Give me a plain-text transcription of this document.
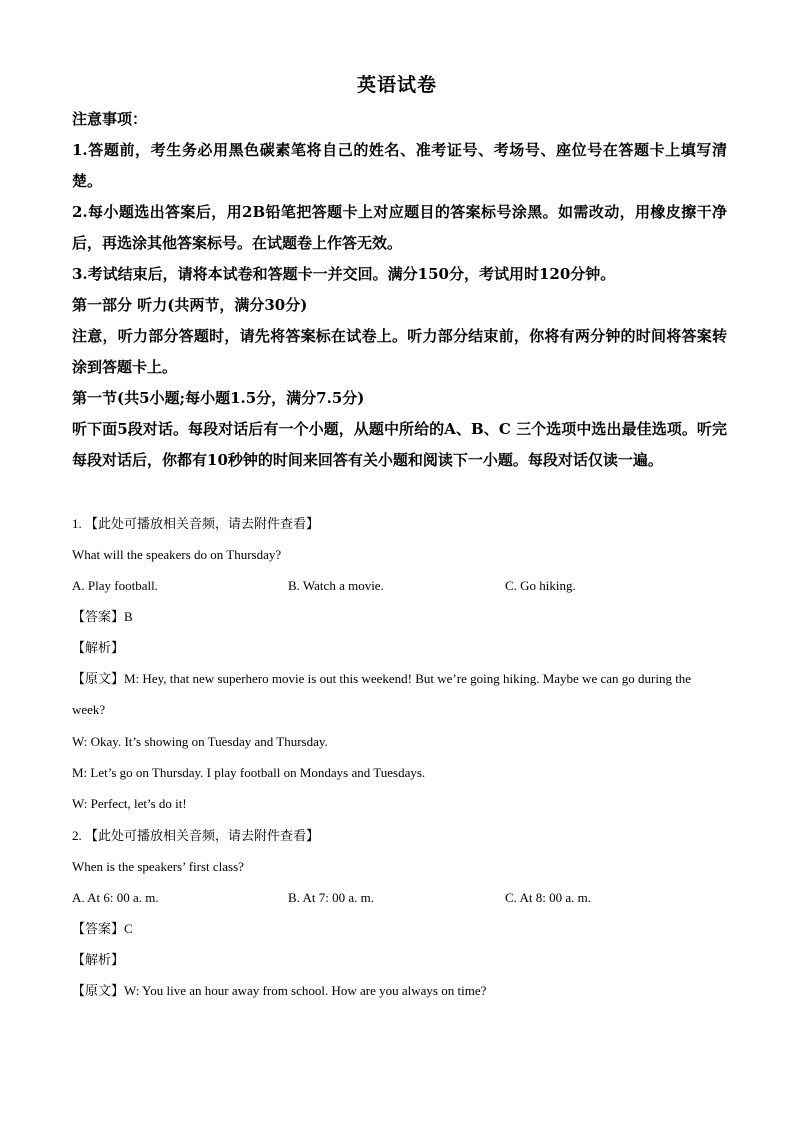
英语试卷
注意事项：
1.答题前，考生务必用黑色碳素笔将自己的姓名、准考证号、考场号、座位号在答题卡上填写清楚。
2.每小题选出答案后，用2B铅笔把答题卡上对应题目的答案标号涂黑。如需改动，用橡皮擦干净后，再选涂其他答案标号。在试题卷上作答无效。
3.考试结束后，请将本试卷和答题卡一并交回。满分150分，考试用时120分钟。
第一部分 听力(共两节，满分30分)
注意，听力部分答题时，请先将答案标在试卷上。听力部分结束前，你将有两分钟的时间将答案转涂到答题卡上。
第一节(共5小题;每小题1.5分，满分7.5分)
听下面5段对话。每段对话后有一个小题，从题中所给的A、B、C 三个选项中选出最佳选项。听完每段对话后，你都有10秒钟的时间来回答有关小题和阅读下一小题。每段对话仅读一遍。
1. 【此处可播放相关音频，请去附件查看】
What will the speakers do on Thursday?
A. Play football.	B. Watch a movie.	C. Go hiking.
【答案】B
【解析】
【原文】M: Hey, that new superhero movie is out this weekend! But we’re going hiking. Maybe we can go during the week?
W: Okay. It’s showing on Tuesday and Thursday.
M: Let’s go on Thursday. I play football on Mondays and Tuesdays.
W: Perfect, let’s do it!
2. 【此处可播放相关音频，请去附件查看】
When is the speakers’ first class?
A. At 6: 00 a. m.	B. At 7: 00 a. m.	C. At 8: 00 a. m.
【答案】C
【解析】
【原文】W: You live an hour away from school. How are you always on time?
